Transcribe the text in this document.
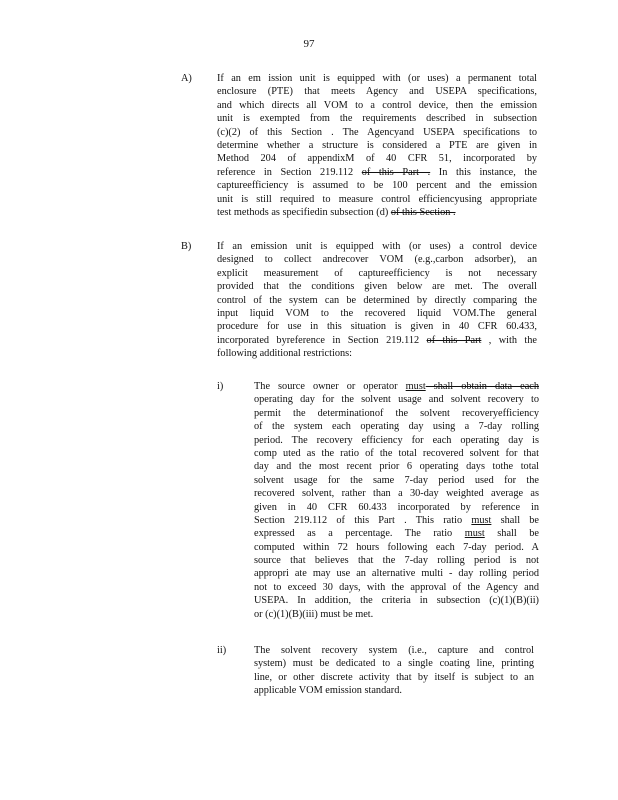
97
A) If an em ission unit is equipped with (or uses) a permanent total
enclosure (PTE) that meets Agency and USEPA specifications,
and which directs all VOM to a control device, then the emission
unit is exempted from the requirements described in subsection
(c)(2) of this Section . The Agencyand USEPA specifications to
determine whether a structure is considered a PTE are given in
Method 204 of appendixM of 40 CFR 51, incorporated by
reference in Section 219.112 of this Part . In this instance, the
captureefficiency is assumed to be 100 percent and the emission
unit is still required to measure control efficiencyusing appropriate
test methods as specifiedin subsection (d) of this Section .
B) If an emission unit is equipped with (or uses) a control device
designed to collect andrecover VOM (e.g.,carbon adsorber), an
explicit measurement of captureefficiency is not necessary
provided that the conditions given below are met. The overall
control of the system can be determined by directly comparing the
input liquid VOM to the recovered liquid VOM.The general
procedure for use in this situation is given in 40 CFR 60.433,
incorporated byreference in Section 219.112 of this Part , with the
following additional restrictions:
i)	The source owner or operator must shall obtain data each
operating day for the solvent usage and solvent recovery to
permit the determinationof the solvent recoveryefficiency
of the system each operating day using a 7-day rolling
period. The recovery efficiency for each operating day is
comp uted as the ratio of the total recovered solvent for that
day and the most recent prior 6 operating days tothe total
solvent usage for the same 7-day period used for the
recovered solvent, rather than a 30-day weighted average as
given in 40 CFR 60.433 incorporated by reference in
Section 219.112 of this Part . This ratio must shall be
expressed as a percentage. The ratio must shall be
computed within 72 hours following each 7-day period. A
source that believes that the 7-day rolling period is not
appropri ate may use an alternative multi - day rolling period
not to exceed 30 days, with the approval of the Agency and
USEPA. In addition, the criteria in subsection (c)(1)(B)(ii)
or (c)(1)(B)(iii) must be met.
ii)	The solvent recovery system (i.e., capture and control
system) must be dedicated to a single coating line, printing
line, or other discrete activity that by itself is subject to an
applicable VOM emission standard.
